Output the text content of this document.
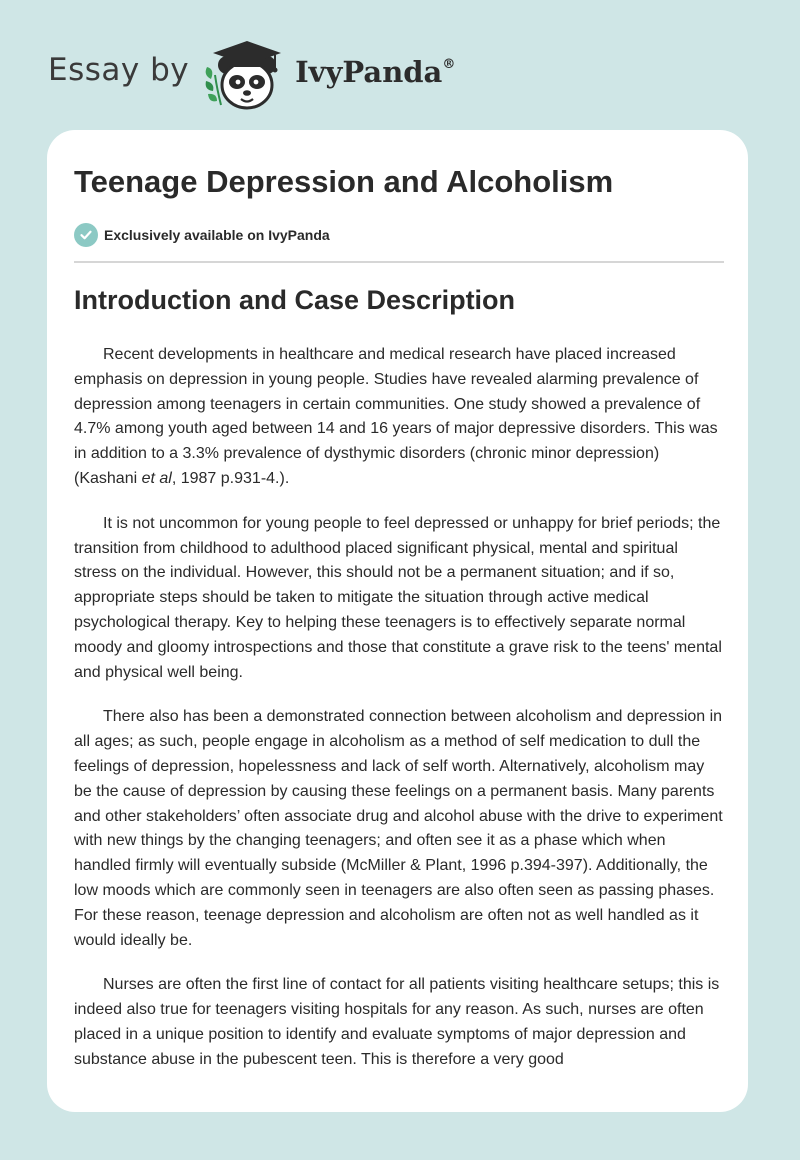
Essay by	IvyPanda®
Teenage Depression and Alcoholism
Exclusively available on IvyPanda
Introduction and Case Description

Recent developments in healthcare and medical research have placed increased emphasis on depression in young people. Studies have revealed alarming prevalence of depression among teenagers in certain communities. One study showed a prevalence of 4.7% among youth aged between 14 and 16 years of major depressive disorders. This was in addition to a 3.3% prevalence of dysthymic disorders (chronic minor depression) (Kashani et al, 1987 p.931-4.).

It is not uncommon for young people to feel depressed or unhappy for brief periods; the transition from childhood to adulthood placed significant physical, mental and spiritual stress on the individual. However, this should not be a permanent situation; and if so, appropriate steps should be taken to mitigate the situation through active medical psychological therapy. Key to helping these teenagers is to effectively separate normal moody and gloomy introspections and those that constitute a grave risk to the teens' mental and physical well being.

There also has been a demonstrated connection between alcoholism and depression in all ages; as such, people engage in alcoholism as a method of self medication to dull the feelings of depression, hopelessness and lack of self worth. Alternatively, alcoholism may be the cause of depression by causing these feelings on a permanent basis. Many parents and other stakeholders’ often associate drug and alcohol abuse with the drive to experiment with new things by the changing teenagers; and often see it as a phase which when handled firmly will eventually subside (McMiller & Plant, 1996 p.394-397). Additionally, the low moods which are commonly seen in teenagers are also often seen as passing phases. For these reason, teenage depression and alcoholism are often not as well handled as it would ideally be.

Nurses are often the first line of contact for all patients visiting healthcare setups; this is indeed also true for teenagers visiting hospitals for any reason. As such, nurses are often placed in a unique position to identify and evaluate symptoms of major depression and substance abuse in the pubescent teen. This is therefore a very good
